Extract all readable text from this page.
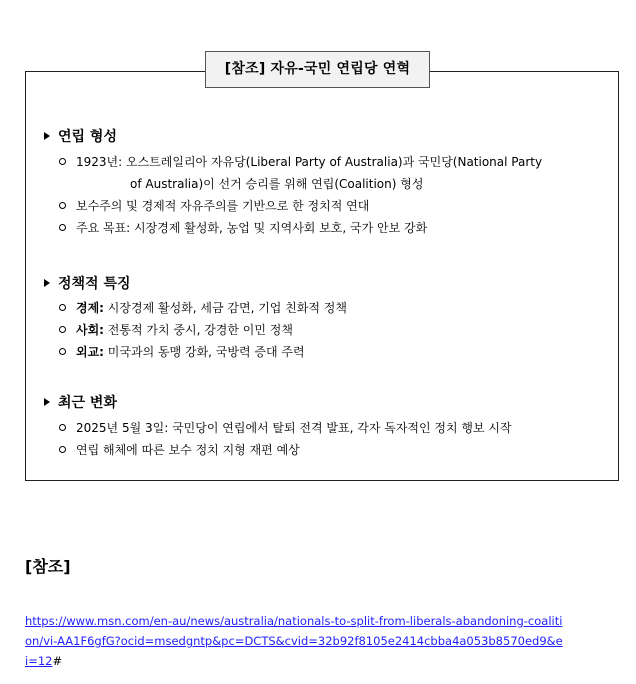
[참조] 자유-국민 연립당 연혁
연립 형성
1923년: 오스트레일리아 자유당(Liberal Party of Australia)과 국민당(National Party
of Australia)이 선거 승리를 위해 연립(Coalition) 형성
보수주의 및 경제적 자유주의를 기반으로 한 정치적 연대
주요 목표: 시장경제 활성화, 농업 및 지역사회 보호, 국가 안보 강화
정책적 특징
경제: 시장경제 활성화, 세금 감면, 기업 친화적 정책
사회: 전통적 가치 중시, 강경한 이민 정책
외교: 미국과의 동맹 강화, 국방력 증대 주력
최근 변화
2025년 5월 3일: 국민당이 연립에서 탈퇴 전격 발표, 각자 독자적인 정치 행보 시작
연립 해체에 따른 보수 정치 지형 재편 예상
[참조]
https://www.msn.com/en-au/news/australia/nationals-to-split-from-liberals-abandoning-coalition/vi-AA1F6gfG?ocid=msedgntp&pc=DCTS&cvid=32b92f8105e2414cbba4a053b8570ed9&ei=12#
